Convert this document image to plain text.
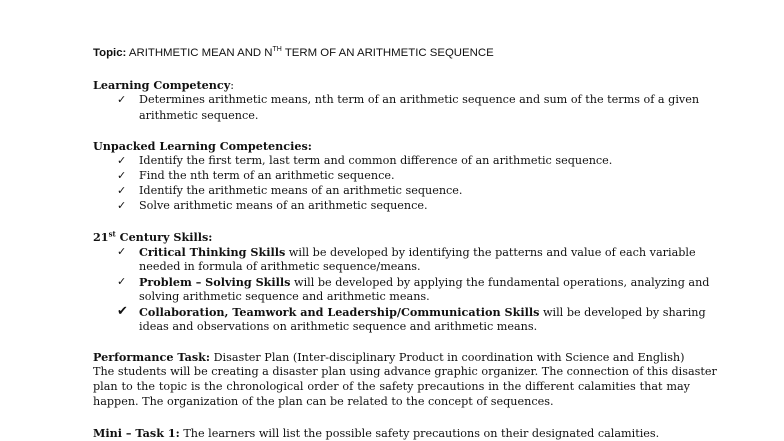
Topic: ARITHMETIC MEAN AND $N^{TH}$ TERM OF AN ARITHMETIC SEQUENCE
Learning Competency:
✓ Determines arithmetic means, nth term of an arithmetic sequence and sum of the terms of a given
arithmetic sequence.
Unpacked Learning Competencies:
✓ Identify the first term, last term and common difference of an arithmetic sequence.
✓ Find the nth term of an arithmetic sequence.
✓ Identify the arithmetic means of an arithmetic sequence.
✓ Solve arithmetic means of an arithmetic sequence.
21st Century Skills:
✓ Critical Thinking Skills will be developed by identifying the patterns and value of each variable
needed in formula of arithmetic sequence/means.
✓ Problem – Solving Skills will be developed by applying the fundamental operations, analyzing and
solving arithmetic sequence and arithmetic means.
✔ Collaboration, Teamwork and Leadership/Communication Skills will be developed by sharing
ideas and observations on arithmetic sequence and arithmetic means.
Performance Task: Disaster Plan (Inter-disciplinary Product in coordination with Science and English)
The students will be creating a disaster plan using advance graphic organizer. The connection of this disaster
plan to the topic is the chronological order of the safety precautions in the different calamities that may
happen. The organization of the plan can be related to the concept of sequences.
Mini – Task 1: The learners will list the possible safety precautions on their designated calamities.
